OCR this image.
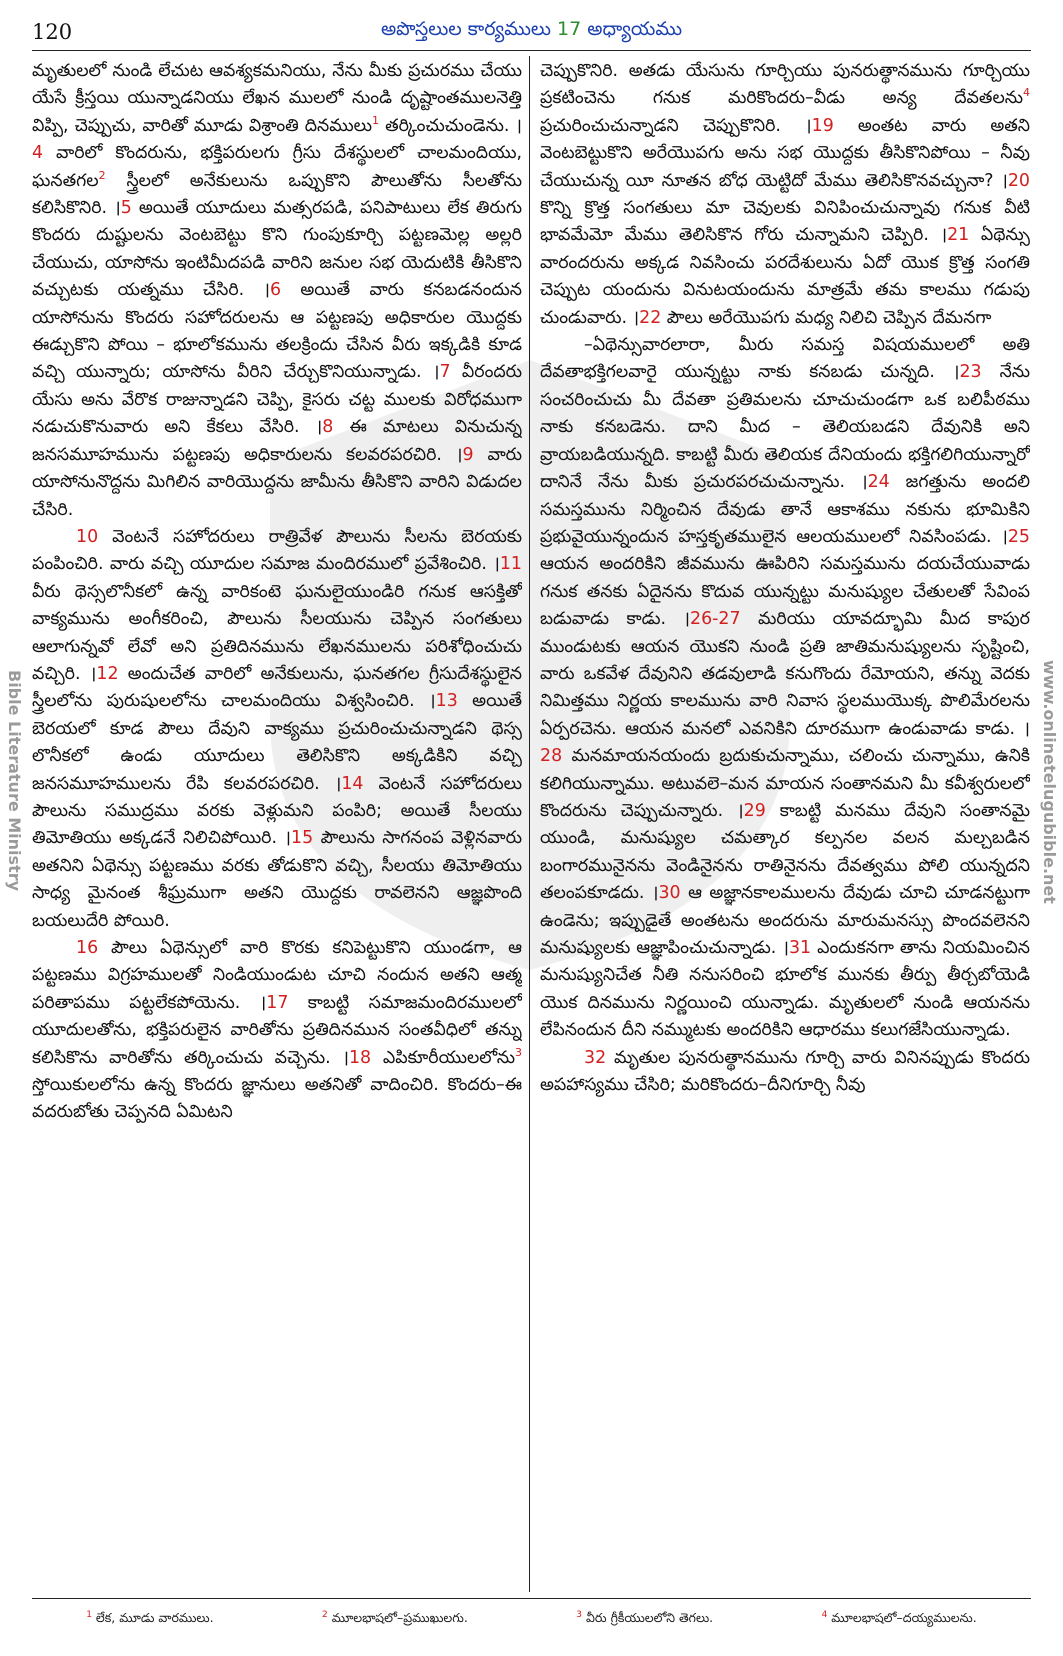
120	అపొస్తలుల కార్యములు 17 అధ్యాయము
Bible Literature Ministry	www.onlinetelugubible.net

మృతులలో నుండి లేచుట ఆవశ్యకమనియు, నేను మీకు ప్రచురము చేయు యేసే క్రీస్తయి యున్నాడనియు లేఖన ములలో నుండి దృష్టాంతములనెత్తి విప్పి, చెప్పుచు, వారితో మూడు విశ్రాంతి దినములు$^1$ తర్కించుచుండెను. ।4 వారిలో కొందరును, భక్తిపరులగు గ్రీసు దేశస్థులలో చాలమందియు, ఘనతగల$^2$ స్త్రీలలో అనేకులును ఒప్పుకొని పౌలుతోను సీలతోను కలిసికొనిరి. ।5 అయితే యూదులు మత్సరపడి, పనిపాటులు లేక తిరుగు కొందరు దుష్టులను వెంటబెట్టు కొని గుంపుకూర్చి పట్టణమెల్ల అల్లరి చేయుచు, యాసోను ఇంటిమీదపడి వారిని జనుల సభ యెదుటికి తీసికొని వచ్చుటకు యత్నము చేసిరి. ।6 అయితే వారు కనబడనందున యాసోనును కొందరు సహోదరులను ఆ పట్టణపు అధికారుల యొద్దకు ఈడ్చుకొని పోయి – భూలోకమును తలక్రిందు చేసిన వీరు ఇక్కడికి కూడ వచ్చి యున్నారు; యాసోను వీరిని చేర్చుకొనియున్నాడు. ।7 వీరందరు యేసు అను వేరొక రాజున్నాడని చెప్పి, కైసరు చట్ట ములకు విరోధముగా నడుచుకొనువారు అని కేకలు వేసిరి. ।8 ఈ మాటలు వినుచున్న జనసమూహమును పట్టణపు అధికారులను కలవరపరచిరి. ।9 వారు యాసోనునొద్దను మిగిలిన వారియొద్దను జామీను తీసికొని వారిని విడుదల చేసిరి.

10 వెంటనే సహోదరులు రాత్రివేళ పౌలును సీలను బెరయకు పంపించిరి. వారు వచ్చి యూదుల సమాజ మందిరములో ప్రవేశించిరి. ।11 వీరు థెస్సలొనీకలో ఉన్న వారికంటె ఘనులైయుండిరి గనుక ఆసక్తితో వాక్యమును అంగీకరించి, పౌలును సీలయును చెప్పిన సంగతులు ఆలాగున్నవో లేవో అని ప్రతిదినమును లేఖనములను పరిశోధించుచు వచ్చిరి. ।12 అందుచేత వారిలో అనేకులును, ఘనతగల గ్రీసుదేశస్థులైన స్త్రీలలోను పురుషులలోను చాలమందియు విశ్వసించిరి. ।13 అయితే బెరయలో కూడ పౌలు దేవుని వాక్యము ప్రచురించుచున్నాడని థెస్స లొనీకలో ఉండు యూదులు తెలిసికొని అక్కడికిని వచ్చి జనసమూహములను రేపి కలవరపరచిరి. ।14 వెంటనే సహోదరులు పౌలును సముద్రము వరకు వెళ్లుమని పంపిరి; అయితే సీలయు తిమోతియు అక్కడనే నిలిచిపోయిరి. ।15 పౌలును సాగనంప వెళ్లినవారు అతనిని ఏథెన్సు పట్టణము వరకు తోడుకొని వచ్చి, సీలయు తిమోతియు సాధ్య మైనంత శీఘ్రముగా అతని యొద్దకు రావలెనని ఆజ్ఞపొంది బయలుదేరి పోయిరి.

16 పౌలు ఏథెన్సులో వారి కొరకు కనిపెట్టుకొని యుండగా, ఆ పట్టణము విగ్రహములతో నిండియుండుట చూచి నందున అతని ఆత్మ పరితాపము పట్టలేకపోయెను. ।17 కాబట్టి సమాజమందిరములలో యూదులతోను, భక్తిపరులైన వారితోను ప్రతిదినమున సంతవీధిలో తన్ను కలిసికొను వారితోను తర్కించుచు వచ్చెను. ।18 ఎపికూరీయులలోను$^3$ స్తోయికులలోను ఉన్న కొందరు జ్ఞానులు అతనితో వాదించిరి. కొందరు–ఈ వదరుబోతు చెప్పనది ఏమిటని

చెప్పుకొనిరి. అతడు యేసును గూర్చియు పునరుత్థానమును గూర్చియు ప్రకటించెను గనుక మరికొందరు–వీడు అన్య దేవతలను$^4$ ప్రచురించుచున్నాడని చెప్పుకొనిరి. ।19 అంతట వారు అతని వెంటబెట్టుకొని అరేయొపగు అను సభ యొద్దకు తీసికొనిపోయి – నీవు చేయుచున్న యీ నూతన బోధ యెట్టిదో మేము తెలిసికొనవచ్చునా? ।20 కొన్ని క్రొత్త సంగతులు మా చెవులకు వినిపించుచున్నావు గనుక వీటి భావమేమో మేము తెలిసికొన గోరు చున్నామని చెప్పిరి. ।21 ఏథెన్సు వారందరును అక్కడ నివసించు పరదేశులును ఏదో యొక క్రొత్త సంగతి చెప్పుట యందును వినుటయందును మాత్రమే తమ కాలము గడుపు చుండువారు. ।22 పౌలు అరేయొపగు మధ్య నిలిచి చెప్పిన దేమనగా

–ఏథెన్సువారలారా, మీరు సమస్త విషయములలో అతి దేవతాభక్తిగలవారై యున్నట్టు నాకు కనబడు చున్నది. ।23 నేను సంచరించుచు మీ దేవతా ప్రతిమలను చూచుచుండగా ఒక బలిపీఠము నాకు కనబడెను. దాని మీద – తెలియబడని దేవునికి అని వ్రాయబడియున్నది. కాబట్టి మీరు తెలియక దేనియందు భక్తిగలిగియున్నారో దానినే నేను మీకు ప్రచురపరచుచున్నాను. ।24 జగత్తును అందలి సమస్తమును నిర్మించిన దేవుడు తానే ఆకాశము నకును భూమికిని ప్రభువైయున్నందున హస్తకృతములైన ఆలయములలో నివసింపడు. ।25 ఆయన అందరికిని జీవమును ఊపిరిని సమస్తమును దయచేయువాడు గనుక తనకు ఏదైనను కొదువ యున్నట్టు మనుష్యుల చేతులతో సేవింప బడువాడు కాడు. ।26-27 మరియు యావద్భూమి మీద కాపుర ముండుటకు ఆయన యొకని నుండి ప్రతి జాతిమనుష్యులను సృష్టించి, వారు ఒకవేళ దేవునిని తడవులాడి కనుగొందు రేమోయని, తన్ను వెదకు నిమిత్తము నిర్ణయ కాలమును వారి నివాస స్థలముయొక్క పొలిమేరలను ఏర్పరచెను. ఆయన మనలో ఎవనికిని దూరముగా ఉండువాడు కాడు. ।28 మనమాయనయందు బ్రదుకుచున్నాము, చలించు చున్నాము, ఉనికి కలిగియున్నాము. అటువలె–మన మాయన సంతానమని మీ కవీశ్వరులలో కొందరును చెప్పుచున్నారు. ।29 కాబట్టి మనము దేవుని సంతానమై యుండి, మనుష్యుల చమత్కార కల్పనల వలన మల్చబడిన బంగారమునైనను వెండినైనను రాతినైనను దేవత్వము పోలి యున్నదని తలంపకూడదు. ।30 ఆ అజ్ఞానకాలములను దేవుడు చూచి చూడనట్టుగా ఉండెను; ఇప్పుడైతే అంతటను అందరును మారుమనస్సు పొందవలెనని మనుష్యులకు ఆజ్ఞాపించుచున్నాడు. ।31 ఎందుకనగా తాను నియమించిన మనుష్యునిచేత నీతి ననుసరించి భూలోక మునకు తీర్పు తీర్చబోయెడి యొక దినమును నిర్ణయించి యున్నాడు. మృతులలో నుండి ఆయనను లేపినందున దీని నమ్ముటకు అందరికిని ఆధారము కలుగజేసియున్నాడు.

32 మృతుల పునరుత్థానమును గూర్చి వారు వినినప్పుడు కొందరు అపహాస్యము చేసిరి; మరికొందరు–దీనిగూర్చి నీవు

$^1$ లేక, మూడు వారములు.	$^2$ మూలభాషలో–ప్రముఖులగు.	$^3$ వీరు గ్రీకీయులలోని తెగలు.	$^4$ మూలభాషలో–దయ్యములను.
